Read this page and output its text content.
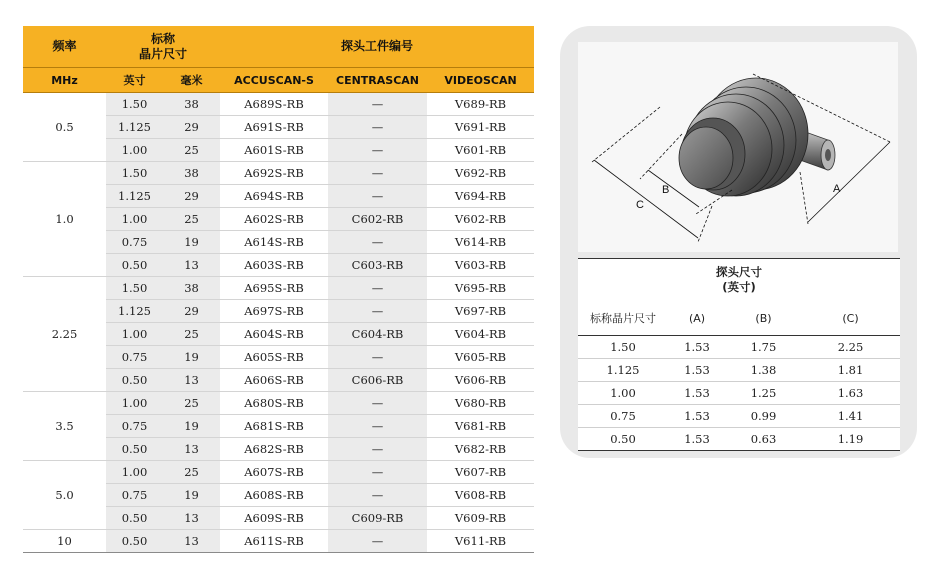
频率	标称
晶片尺寸		探头工件编号		
MHz	英寸	毫米	ACCUSCAN-S	CENTRASCAN	VIDEOSCAN
0.5	1.50	38	A689S-RB	—	V689-RB
	1.125	29	A691S-RB	—	V691-RB
	1.00	25	A601S-RB	—	V601-RB
1.0	1.50	38	A692S-RB	—	V692-RB
	1.125	29	A694S-RB	—	V694-RB
	1.00	25	A602S-RB	C602-RB	V602-RB
	0.75	19	A614S-RB	—	V614-RB
	0.50	13	A603S-RB	C603-RB	V603-RB
2.25	1.50	38	A695S-RB	—	V695-RB
	1.125	29	A697S-RB	—	V697-RB
	1.00	25	A604S-RB	C604-RB	V604-RB
	0.75	19	A605S-RB	—	V605-RB
	0.50	13	A606S-RB	C606-RB	V606-RB
3.5	1.00	25	A680S-RB	—	V680-RB
	0.75	19	A681S-RB	—	V681-RB
	0.50	13	A682S-RB	—	V682-RB
5.0	1.00	25	A607S-RB	—	V607-RB
	0.75	19	A608S-RB	—	V608-RB
	0.50	13	A609S-RB	C609-RB	V609-RB
10	0.50	13	A611S-RB	—	V611-RB
A
B
C
探头尺寸
(英寸)			
标称晶片尺寸	(A)	(B)	(C)
1.50	1.53	1.75	2.25
1.125	1.53	1.38	1.81
1.00	1.53	1.25	1.63
0.75	1.53	0.99	1.41
0.50	1.53	0.63	1.19
